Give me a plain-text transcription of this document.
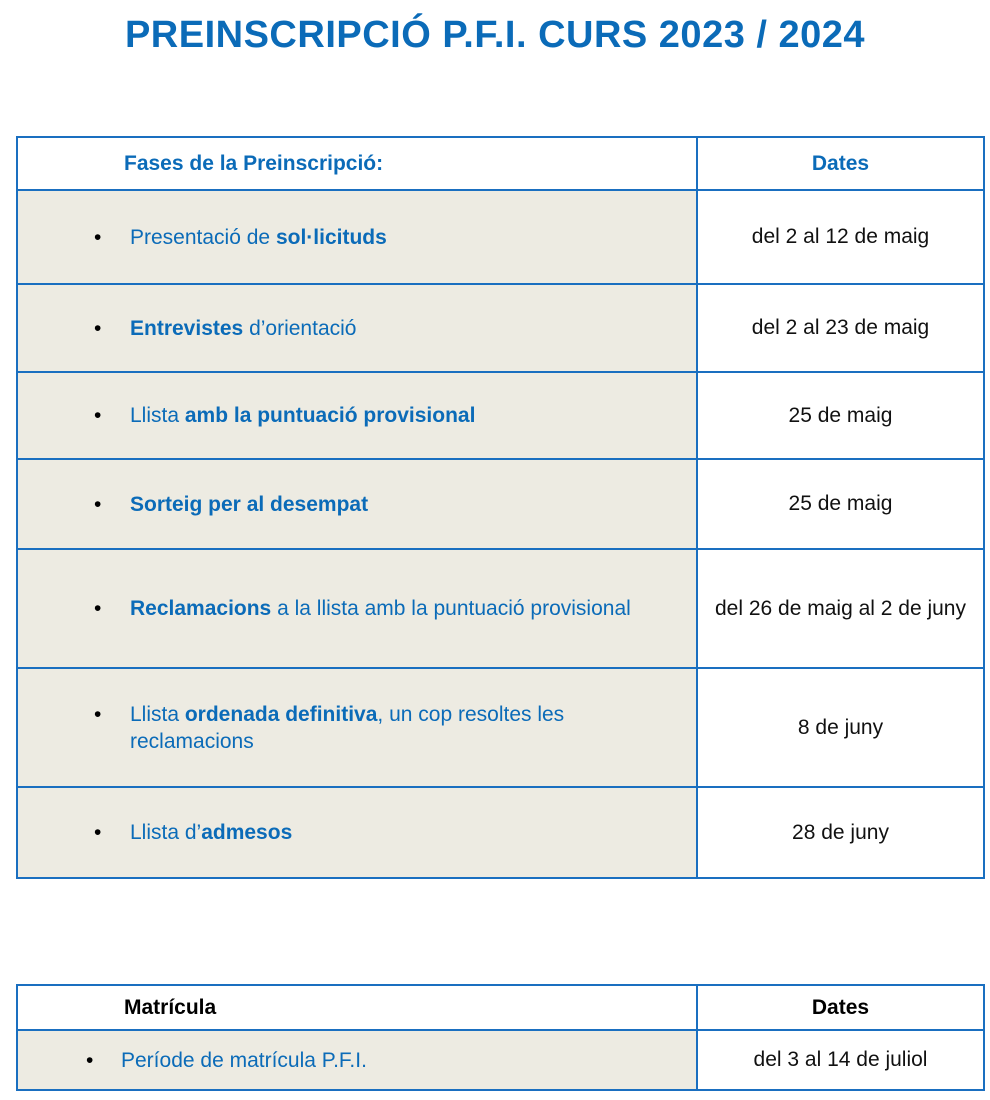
PREINSCRIPCIÓ P.F.I. CURS 2023 / 2024
Fases de la Preinscripció:	Dates

• Presentació de sol·licituds	del 2 al 12 de maig

• Entrevistes d’orientació	del 2 al 23 de maig

• Llista amb la puntuació provisional	25 de maig

• Sorteig per al desempat	25 de maig

• Reclamacions a la llista amb la puntuació provisional	del 26 de maig al 2 de juny

• Llista ordenada definitiva, un cop resoltes les reclamacions	8 de juny

• Llista d’admesos	28 de juny
Matrícula	Dates

• Període de matrícula P.F.I.	del 3 al 14 de juliol
